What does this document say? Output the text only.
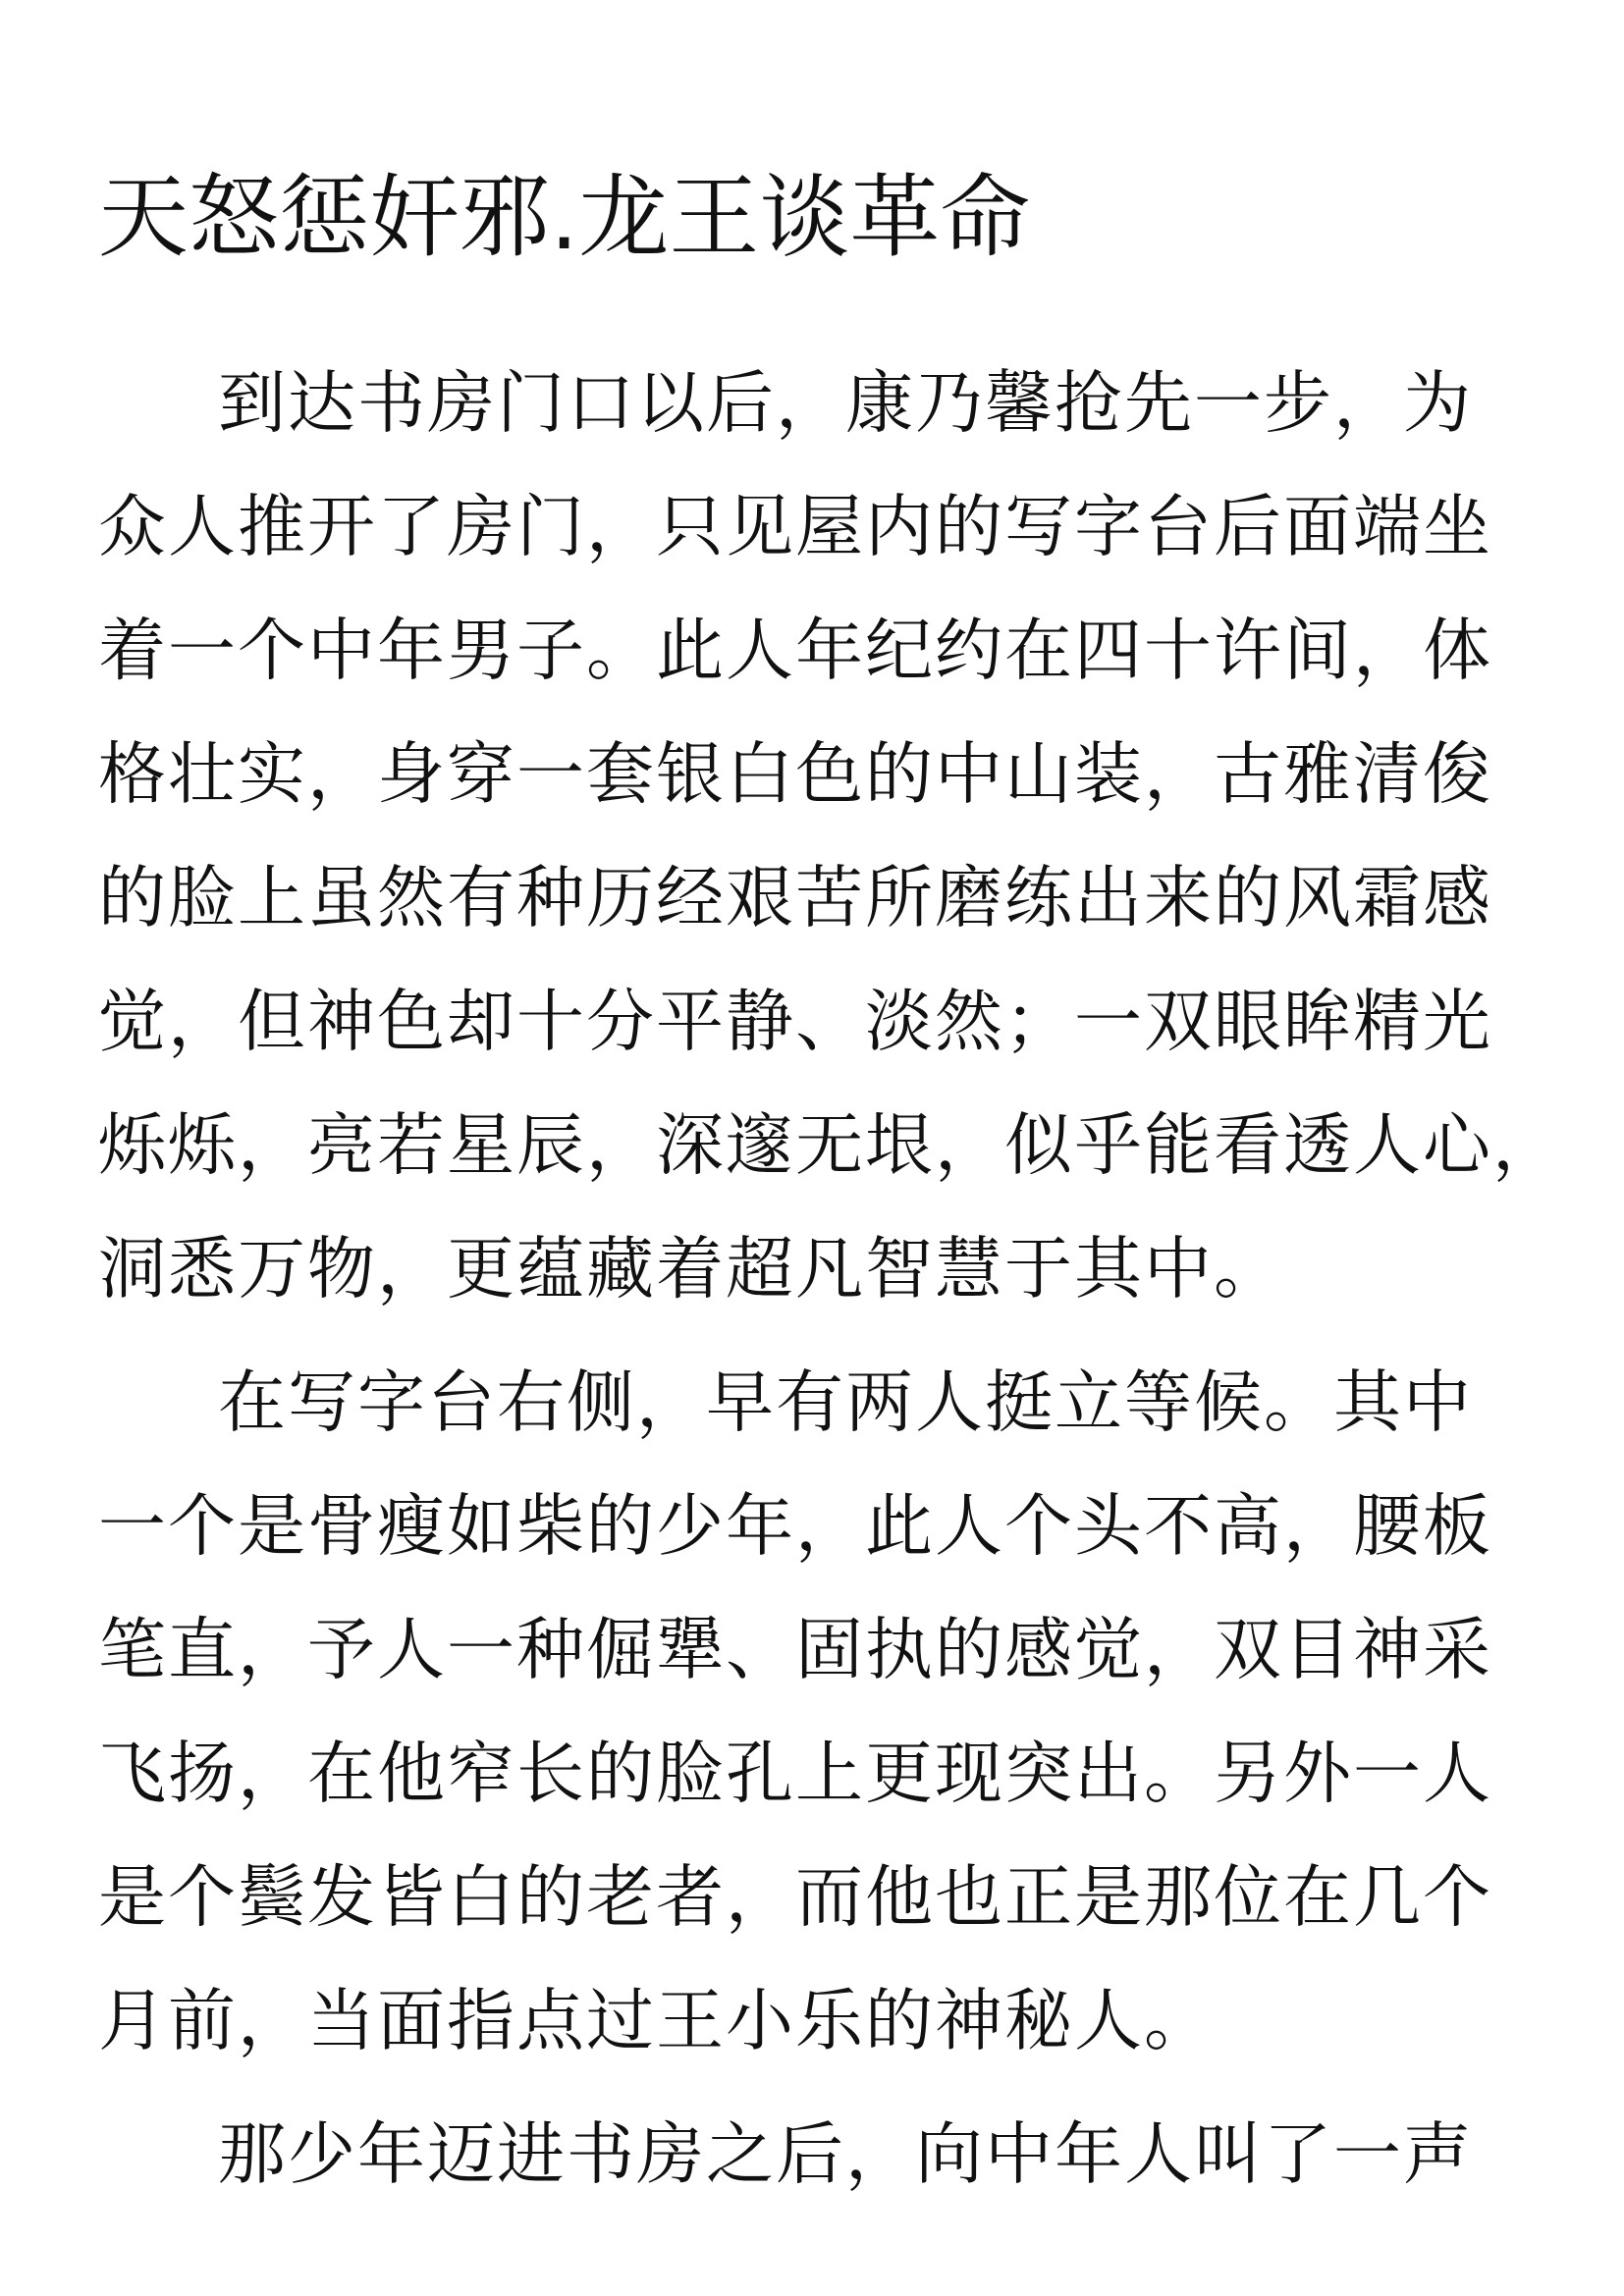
天怒惩奸邪.龙王谈革命
到达书房门口以后，康乃馨抢先一步，为
众人推开了房门，只见屋内的写字台后面端坐
着一个中年男子。此人年纪约在四十许间，体
格壮实，身穿一套银白色的中山装，古雅清俊
的脸上虽然有种历经艰苦所磨练出来的风霜感
觉，但神色却十分平静、淡然；一双眼眸精光
烁烁，亮若星辰，深邃无垠，似乎能看透人心，
洞悉万物，更蕴藏着超凡智慧于其中。
在写字台右侧，早有两人挺立等候。其中
一个是骨瘦如柴的少年，此人个头不高，腰板
笔直，予人一种倔犟、固执的感觉，双目神采
飞扬，在他窄长的脸孔上更现突出。另外一人
是个鬓发皆白的老者，而他也正是那位在几个
月前，当面指点过王小乐的神秘人。
那少年迈进书房之后，向中年人叫了一声
